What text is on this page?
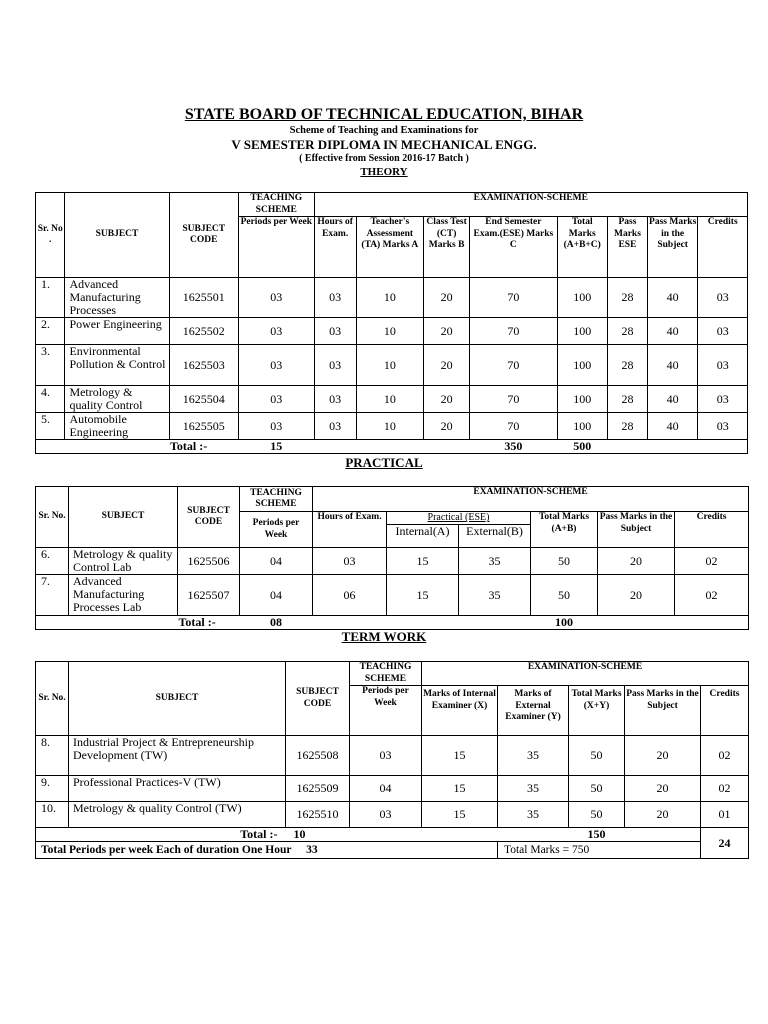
STATE BOARD OF TECHNICAL EDUCATION, BIHAR
Scheme of Teaching and Examinations for
V SEMESTER DIPLOMA IN MECHANICAL ENGG.
( Effective from Session 2016-17 Batch )
THEORY
Sr. No .	SUBJECT	SUBJECT CODE	TEACHING SCHEME	EXAMINATION-SCHEME							
			Periods per Week	Hours of Exam.	Teacher's Assessment (TA) Marks A	Class Test (CT) Marks B	End Semester Exam.(ESE) Marks C	Total Marks (A+B+C)	Pass Marks ESE	Pass Marks in the Subject	Credits
1.	Advanced Manufacturing Processes	1625501	03	03	10	20	70	100	28	40	03
2.	Power Engineering	1625502	03	03	10	20	70	100	28	40	03
3.	Environmental Pollution & Control	1625503	03	03	10	20	70	100	28	40	03
4.	Metrology & quality Control	1625504	03	03	10	20	70	100	28	40	03
5.	Automobile Engineering	1625505	03	03	10	20	70	100	28	40	03
		Total :-	15				350	500			
PRACTICAL
Sr. No.	SUBJECT	SUBJECT CODE	TEACHING SCHEME	EXAMINATION-SCHEME					
			Periods per Week	Hours of Exam.	Practical (ESE)		Total Marks (A+B)	Pass Marks in the Subject	Credits
					Internal(A)	External(B)			
6.	Metrology & quality Control Lab	1625506	04	03	15	35	50	20	02
7.	Advanced Manufacturing Processes Lab	1625507	04	06	15	35	50	20	02
		Total :-	08				100		
TERM WORK
Sr. No.	SUBJECT	SUBJECT CODE	TEACHING SCHEME	EXAMINATION-SCHEME				
			Periods per Week	Marks of Internal Examiner (X)	Marks of External Examiner (Y)	Total Marks (X+Y)	Pass Marks in the Subject	Credits
8.	Industrial Project & Entrepreneurship Development (TW)	1625508	03	15	35	50	20	02
9.	Professional Practices-V (TW)	1625509	04	15	35	50	20	02
10.	Metrology & quality Control (TW)	1625510	03	15	35	50	20	01
	Total :-	10				150		24
Total Periods per week Each of duration One Hour 33					Total Marks = 750			
